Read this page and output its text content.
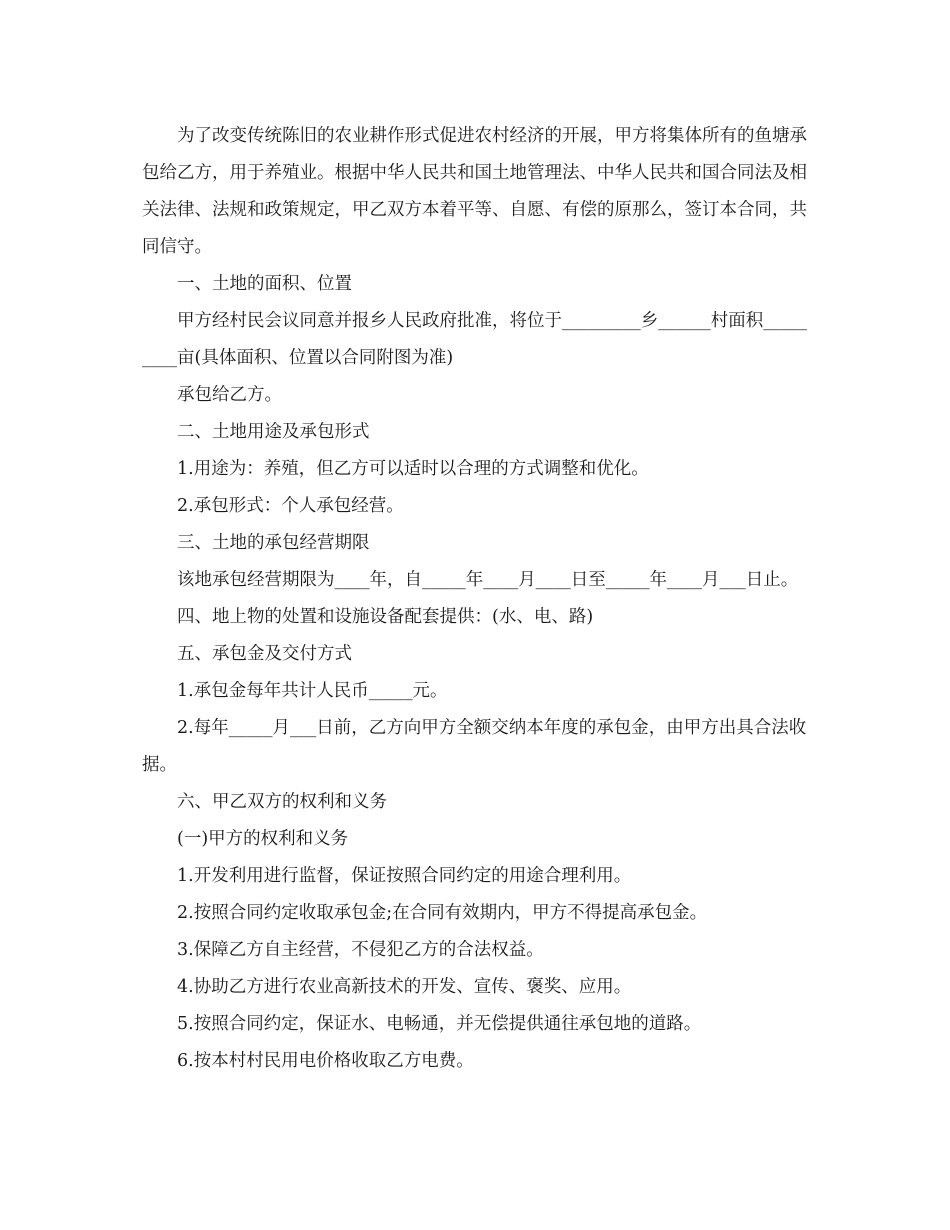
为了改变传统陈旧的农业耕作形式促进农村经济的开展，甲方将集体所有的鱼塘承包给乙方，用于养殖业。根据中华人民共和国土地管理法、中华人民共和国合同法及相关法律、法规和政策规定，甲乙双方本着平等、自愿、有偿的原那么，签订本合同，共同信守。

一、土地的面积、位置

甲方经村民会议同意并报乡人民政府批准，将位于_________乡______村面积_________亩(具体面积、位置以合同附图为准)

承包给乙方。

二、土地用途及承包形式

1.用途为：养殖，但乙方可以适时以合理的方式调整和优化。

2.承包形式：个人承包经营。

三、土地的承包经营期限

该地承包经营期限为____年，自_____年____月____日至_____年____月___日止。

四、地上物的处置和设施设备配套提供：(水、电、路)

五、承包金及交付方式

1.承包金每年共计人民币_____元。

2.每年_____月___日前，乙方向甲方全额交纳本年度的承包金，由甲方出具合法收据。

六、甲乙双方的权利和义务

(一)甲方的权利和义务

1.开发利用进行监督，保证按照合同约定的用途合理利用。

2.按照合同约定收取承包金;在合同有效期内，甲方不得提高承包金。

3.保障乙方自主经营，不侵犯乙方的合法权益。

4.协助乙方进行农业高新技术的开发、宣传、褒奖、应用。

5.按照合同约定，保证水、电畅通，并无偿提供通往承包地的道路。

6.按本村村民用电价格收取乙方电费。
